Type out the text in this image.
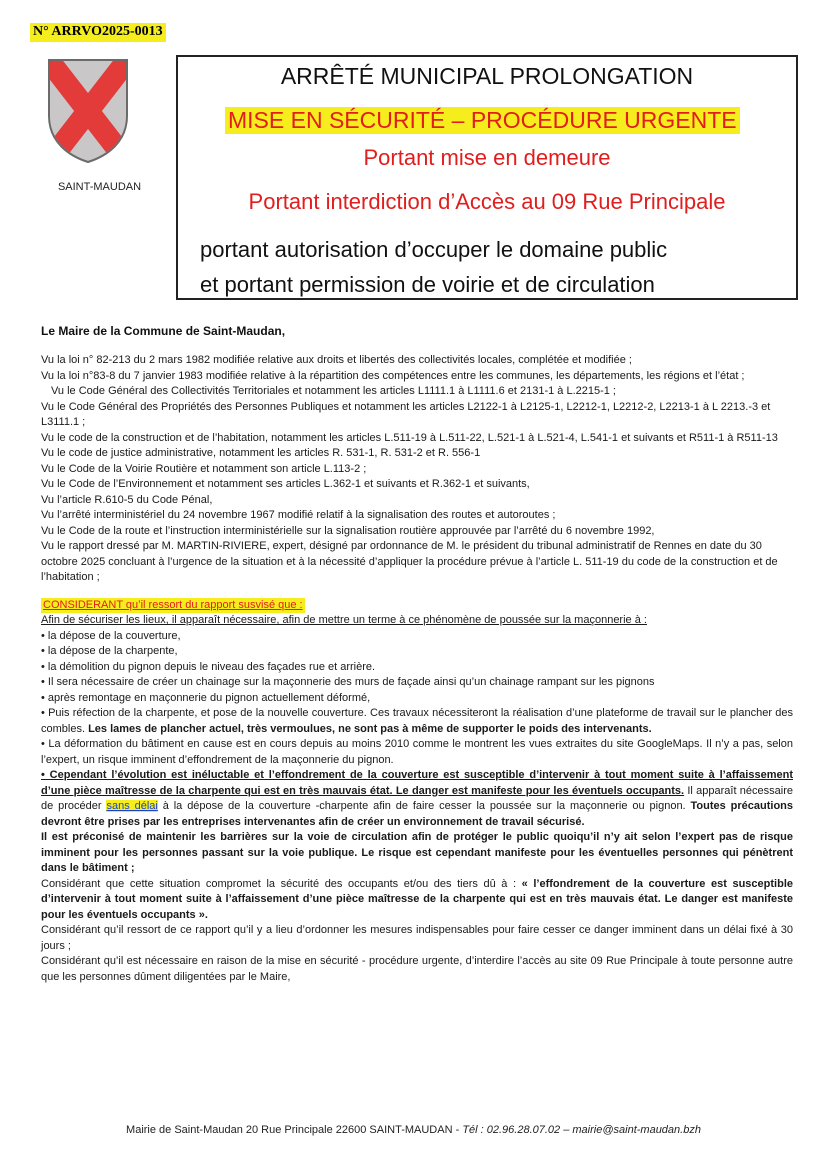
N° ARRVO2025-0013
SAINT-MAUDAN
ARRÊTÉ MUNICIPAL PROLONGATION
MISE EN SÉCURITÉ – PROCÉDURE URGENTE
Portant mise en demeure
Portant interdiction d’Accès au 09 Rue Principale
portant autorisation d’occuper le domaine public
et portant permission de voirie et de circulation
Le Maire de la Commune de Saint-Maudan,

Vu la loi n° 82-213 du 2 mars 1982 modifiée relative aux droits et libertés des collectivités locales, complétée et modifiée ;

Vu la loi n°83-8 du 7 janvier 1983 modifiée relative à la répartition des compétences entre les communes, les départements, les régions et l’état ;

Vu le Code Général des Collectivités Territoriales et notamment les articles L1111.1 à L1111.6 et 2131-1 à L.2215-1 ;

Vu le Code Général des Propriétés des Personnes Publiques et notamment les articles L2122-1 à L2125-1, L2212-1, L2212-2, L2213-1 à L 2213.-3 et L3111.1 ;

Vu le code de la construction et de l’habitation, notamment les articles L.511-19 à L.511-22, L.521-1 à L.521-4, L.541-1 et suivants et R511-1 à R511-13

Vu le code de justice administrative, notamment les articles R. 531-1, R. 531-2 et R. 556-1

Vu le Code de la Voirie Routière et notamment son article L.113-2 ;

Vu le Code de l’Environnement et notamment ses articles L.362-1 et suivants et R.362-1 et suivants,

Vu l’article R.610-5 du Code Pénal,

Vu l’arrêté interministériel du 24 novembre 1967 modifié relatif à la signalisation des routes et autoroutes ;

Vu le Code de la route et l’instruction interministérielle sur la signalisation routière approuvée par l’arrêté du 6 novembre 1992,

Vu le rapport dressé par M. MARTIN-RIVIERE, expert, désigné par ordonnance de M. le président du tribunal administratif de Rennes en date du 30 octobre 2025 concluant à l’urgence de la situation et à la nécessité d’appliquer la procédure prévue à l’article L. 511-19 du code de la construction et de l’habitation ;

CONSIDERANT qu’il ressort du rapport susvisé que :

Afin de sécuriser les lieux, il apparaît nécessaire, afin de mettre un terme à ce phénomène de poussée sur la maçonnerie à :

• la dépose de la couverture,

• la dépose de la charpente,

• la démolition du pignon depuis le niveau des façades rue et arrière.

• Il sera nécessaire de créer un chainage sur la maçonnerie des murs de façade ainsi qu’un chainage rampant sur les pignons

• après remontage en maçonnerie du pignon actuellement déformé,

• Puis réfection de la charpente, et pose de la nouvelle couverture. Ces travaux nécessiteront la réalisation d’une plateforme de travail sur le plancher des combles. Les lames de plancher actuel, très vermoulues, ne sont pas à même de supporter le poids des intervenants.

• La déformation du bâtiment en cause est en cours depuis au moins 2010 comme le montrent les vues extraites du site GoogleMaps. Il n’y a pas, selon l’expert, un risque imminent d’effondrement de la maçonnerie du pignon.

• Cependant l’évolution est inéluctable et l’effondrement de la couverture est susceptible d’intervenir à tout moment suite à l’affaissement d’une pièce maîtresse de la charpente qui est en très mauvais état. Le danger est manifeste pour les éventuels occupants. Il apparaît nécessaire de procéder sans délai à la dépose de la couverture -charpente afin de faire cesser la poussée sur la maçonnerie ou pignon. Toutes précautions devront être prises par les entreprises intervenantes afin de créer un environnement de travail sécurisé.

Il est préconisé de maintenir les barrières sur la voie de circulation afin de protéger le public quoiqu’il n’y ait selon l’expert pas de risque imminent pour les personnes passant sur la voie publique. Le risque est cependant manifeste pour les éventuelles personnes qui pénètrent dans le bâtiment ;

Considérant que cette situation compromet la sécurité des occupants et/ou des tiers dû à : « l’effondrement de la couverture est susceptible d’intervenir à tout moment suite à l’affaissement d’une pièce maîtresse de la charpente qui est en très mauvais état. Le danger est manifeste pour les éventuels occupants ».

Considérant qu’il ressort de ce rapport qu’il y a lieu d’ordonner les mesures indispensables pour faire cesser ce danger imminent dans un délai fixé à 30 jours ;

Considérant qu’il est nécessaire en raison de la mise en sécurité - procédure urgente, d’interdire l’accès au site 09 Rue Principale à toute personne autre que les personnes dûment diligentées par le Maire,

Mairie de Saint-Maudan 20 Rue Principale 22600 SAINT-MAUDAN - Tél : 02.96.28.07.02 – mairie@saint-maudan.bzh
